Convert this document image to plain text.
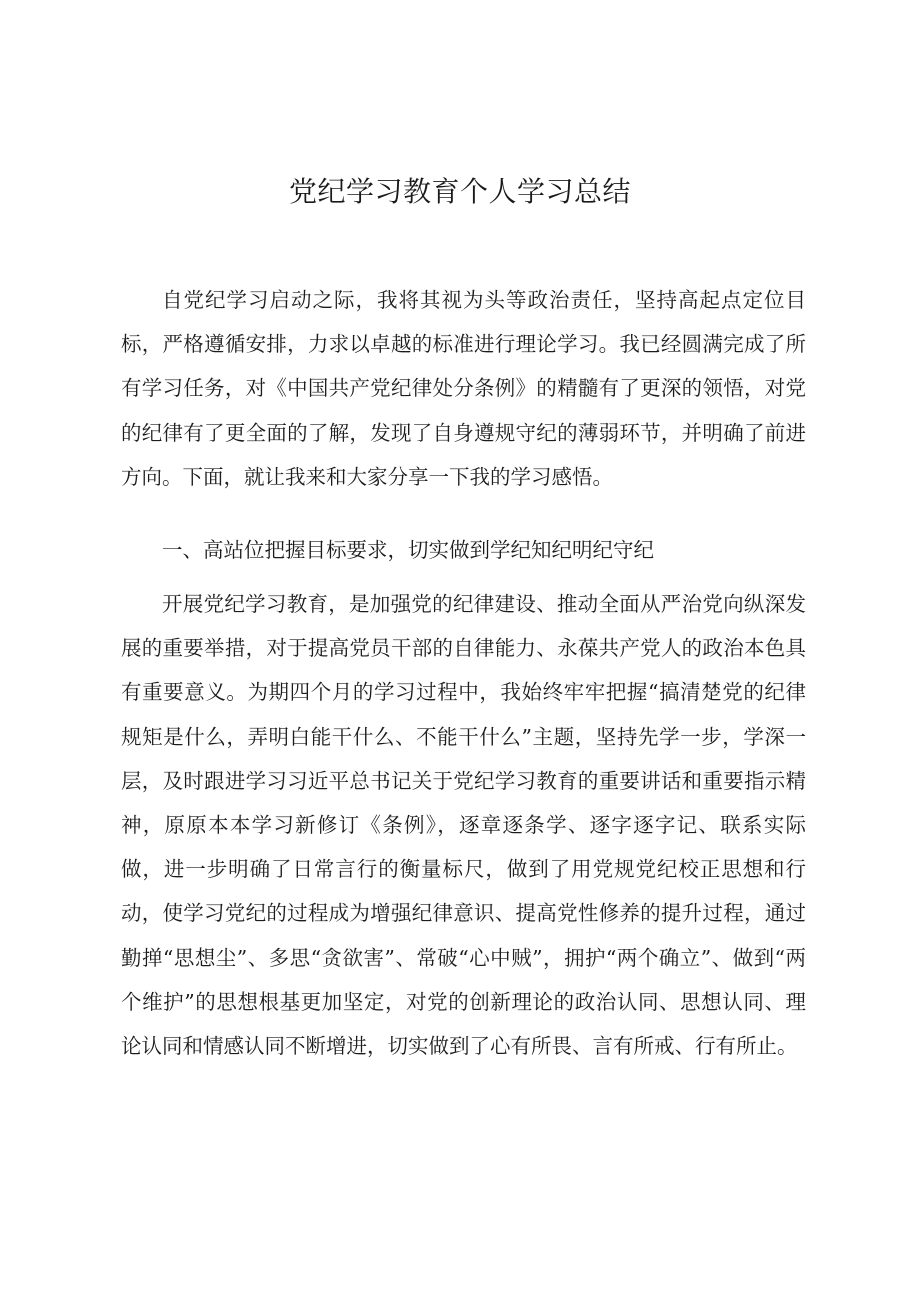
党纪学习教育个人学习总结

自党纪学习启动之际，我将其视为头等政治责任，坚持高起点定位目标，严格遵循安排，力求以卓越的标准进行理论学习。我已经圆满完成了所有学习任务，对《中国共产党纪律处分条例》的精髓有了更深的领悟，对党的纪律有了更全面的了解，发现了自身遵规守纪的薄弱环节，并明确了前进方向。下面，就让我来和大家分享一下我的学习感悟。

一、高站位把握目标要求，切实做到学纪知纪明纪守纪

开展党纪学习教育，是加强党的纪律建设、推动全面从严治党向纵深发展的重要举措，对于提高党员干部的自律能力、永葆共产党人的政治本色具有重要意义。为期四个月的学习过程中，我始终牢牢把握“搞清楚党的纪律规矩是什么，弄明白能干什么、不能干什么”主题，坚持先学一步，学深一层，及时跟进学习习近平总书记关于党纪学习教育的重要讲话和重要指示精神，原原本本学习新修订《条例》，逐章逐条学、逐字逐字记、联系实际做，进一步明确了日常言行的衡量标尺，做到了用党规党纪校正思想和行动，使学习党纪的过程成为增强纪律意识、提高党性修养的提升过程，通过勤掸“思想尘”、多思“贪欲害”、常破“心中贼”，拥护“两个确立”、做到“两个维护”的思想根基更加坚定，对党的创新理论的政治认同、思想认同、理论认同和情感认同不断增进，切实做到了心有所畏、言有所戒、行有所止。
